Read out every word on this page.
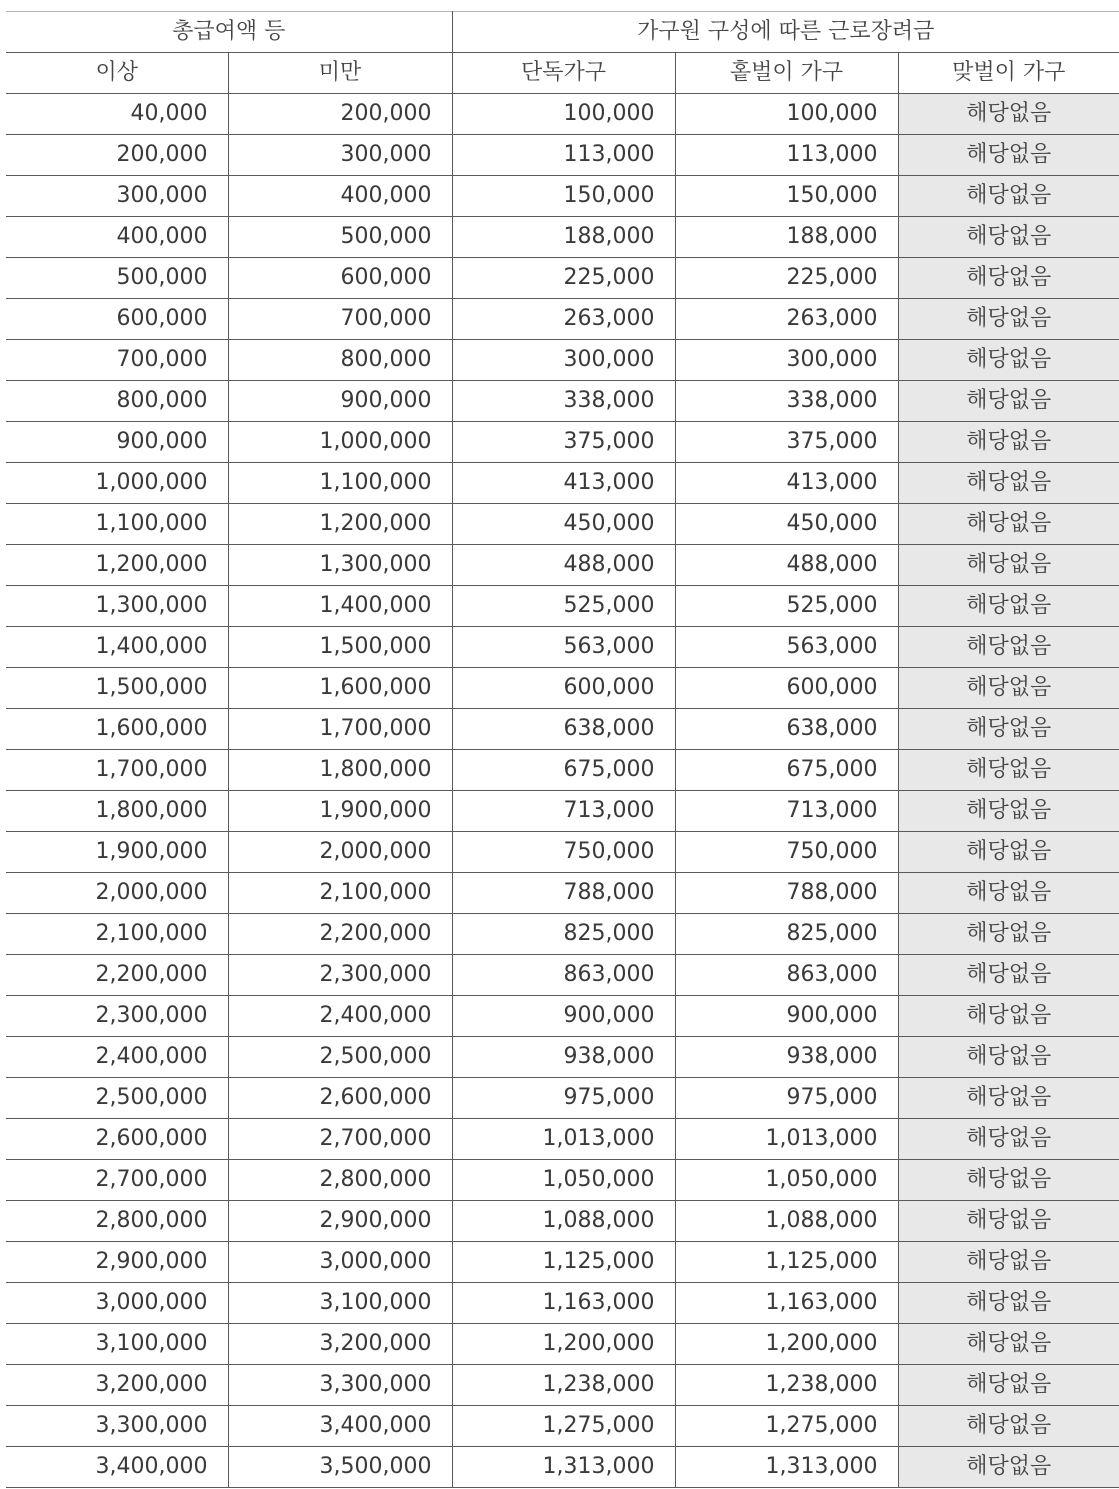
총급여액 등		가구원 구성에 따른 근로장려금		
이상	미만	단독가구	홑벌이 가구	맞벌이 가구
40,000	200,000	100,000	100,000	해당없음
200,000	300,000	113,000	113,000	해당없음
300,000	400,000	150,000	150,000	해당없음
400,000	500,000	188,000	188,000	해당없음
500,000	600,000	225,000	225,000	해당없음
600,000	700,000	263,000	263,000	해당없음
700,000	800,000	300,000	300,000	해당없음
800,000	900,000	338,000	338,000	해당없음
900,000	1,000,000	375,000	375,000	해당없음
1,000,000	1,100,000	413,000	413,000	해당없음
1,100,000	1,200,000	450,000	450,000	해당없음
1,200,000	1,300,000	488,000	488,000	해당없음
1,300,000	1,400,000	525,000	525,000	해당없음
1,400,000	1,500,000	563,000	563,000	해당없음
1,500,000	1,600,000	600,000	600,000	해당없음
1,600,000	1,700,000	638,000	638,000	해당없음
1,700,000	1,800,000	675,000	675,000	해당없음
1,800,000	1,900,000	713,000	713,000	해당없음
1,900,000	2,000,000	750,000	750,000	해당없음
2,000,000	2,100,000	788,000	788,000	해당없음
2,100,000	2,200,000	825,000	825,000	해당없음
2,200,000	2,300,000	863,000	863,000	해당없음
2,300,000	2,400,000	900,000	900,000	해당없음
2,400,000	2,500,000	938,000	938,000	해당없음
2,500,000	2,600,000	975,000	975,000	해당없음
2,600,000	2,700,000	1,013,000	1,013,000	해당없음
2,700,000	2,800,000	1,050,000	1,050,000	해당없음
2,800,000	2,900,000	1,088,000	1,088,000	해당없음
2,900,000	3,000,000	1,125,000	1,125,000	해당없음
3,000,000	3,100,000	1,163,000	1,163,000	해당없음
3,100,000	3,200,000	1,200,000	1,200,000	해당없음
3,200,000	3,300,000	1,238,000	1,238,000	해당없음
3,300,000	3,400,000	1,275,000	1,275,000	해당없음
3,400,000	3,500,000	1,313,000	1,313,000	해당없음
